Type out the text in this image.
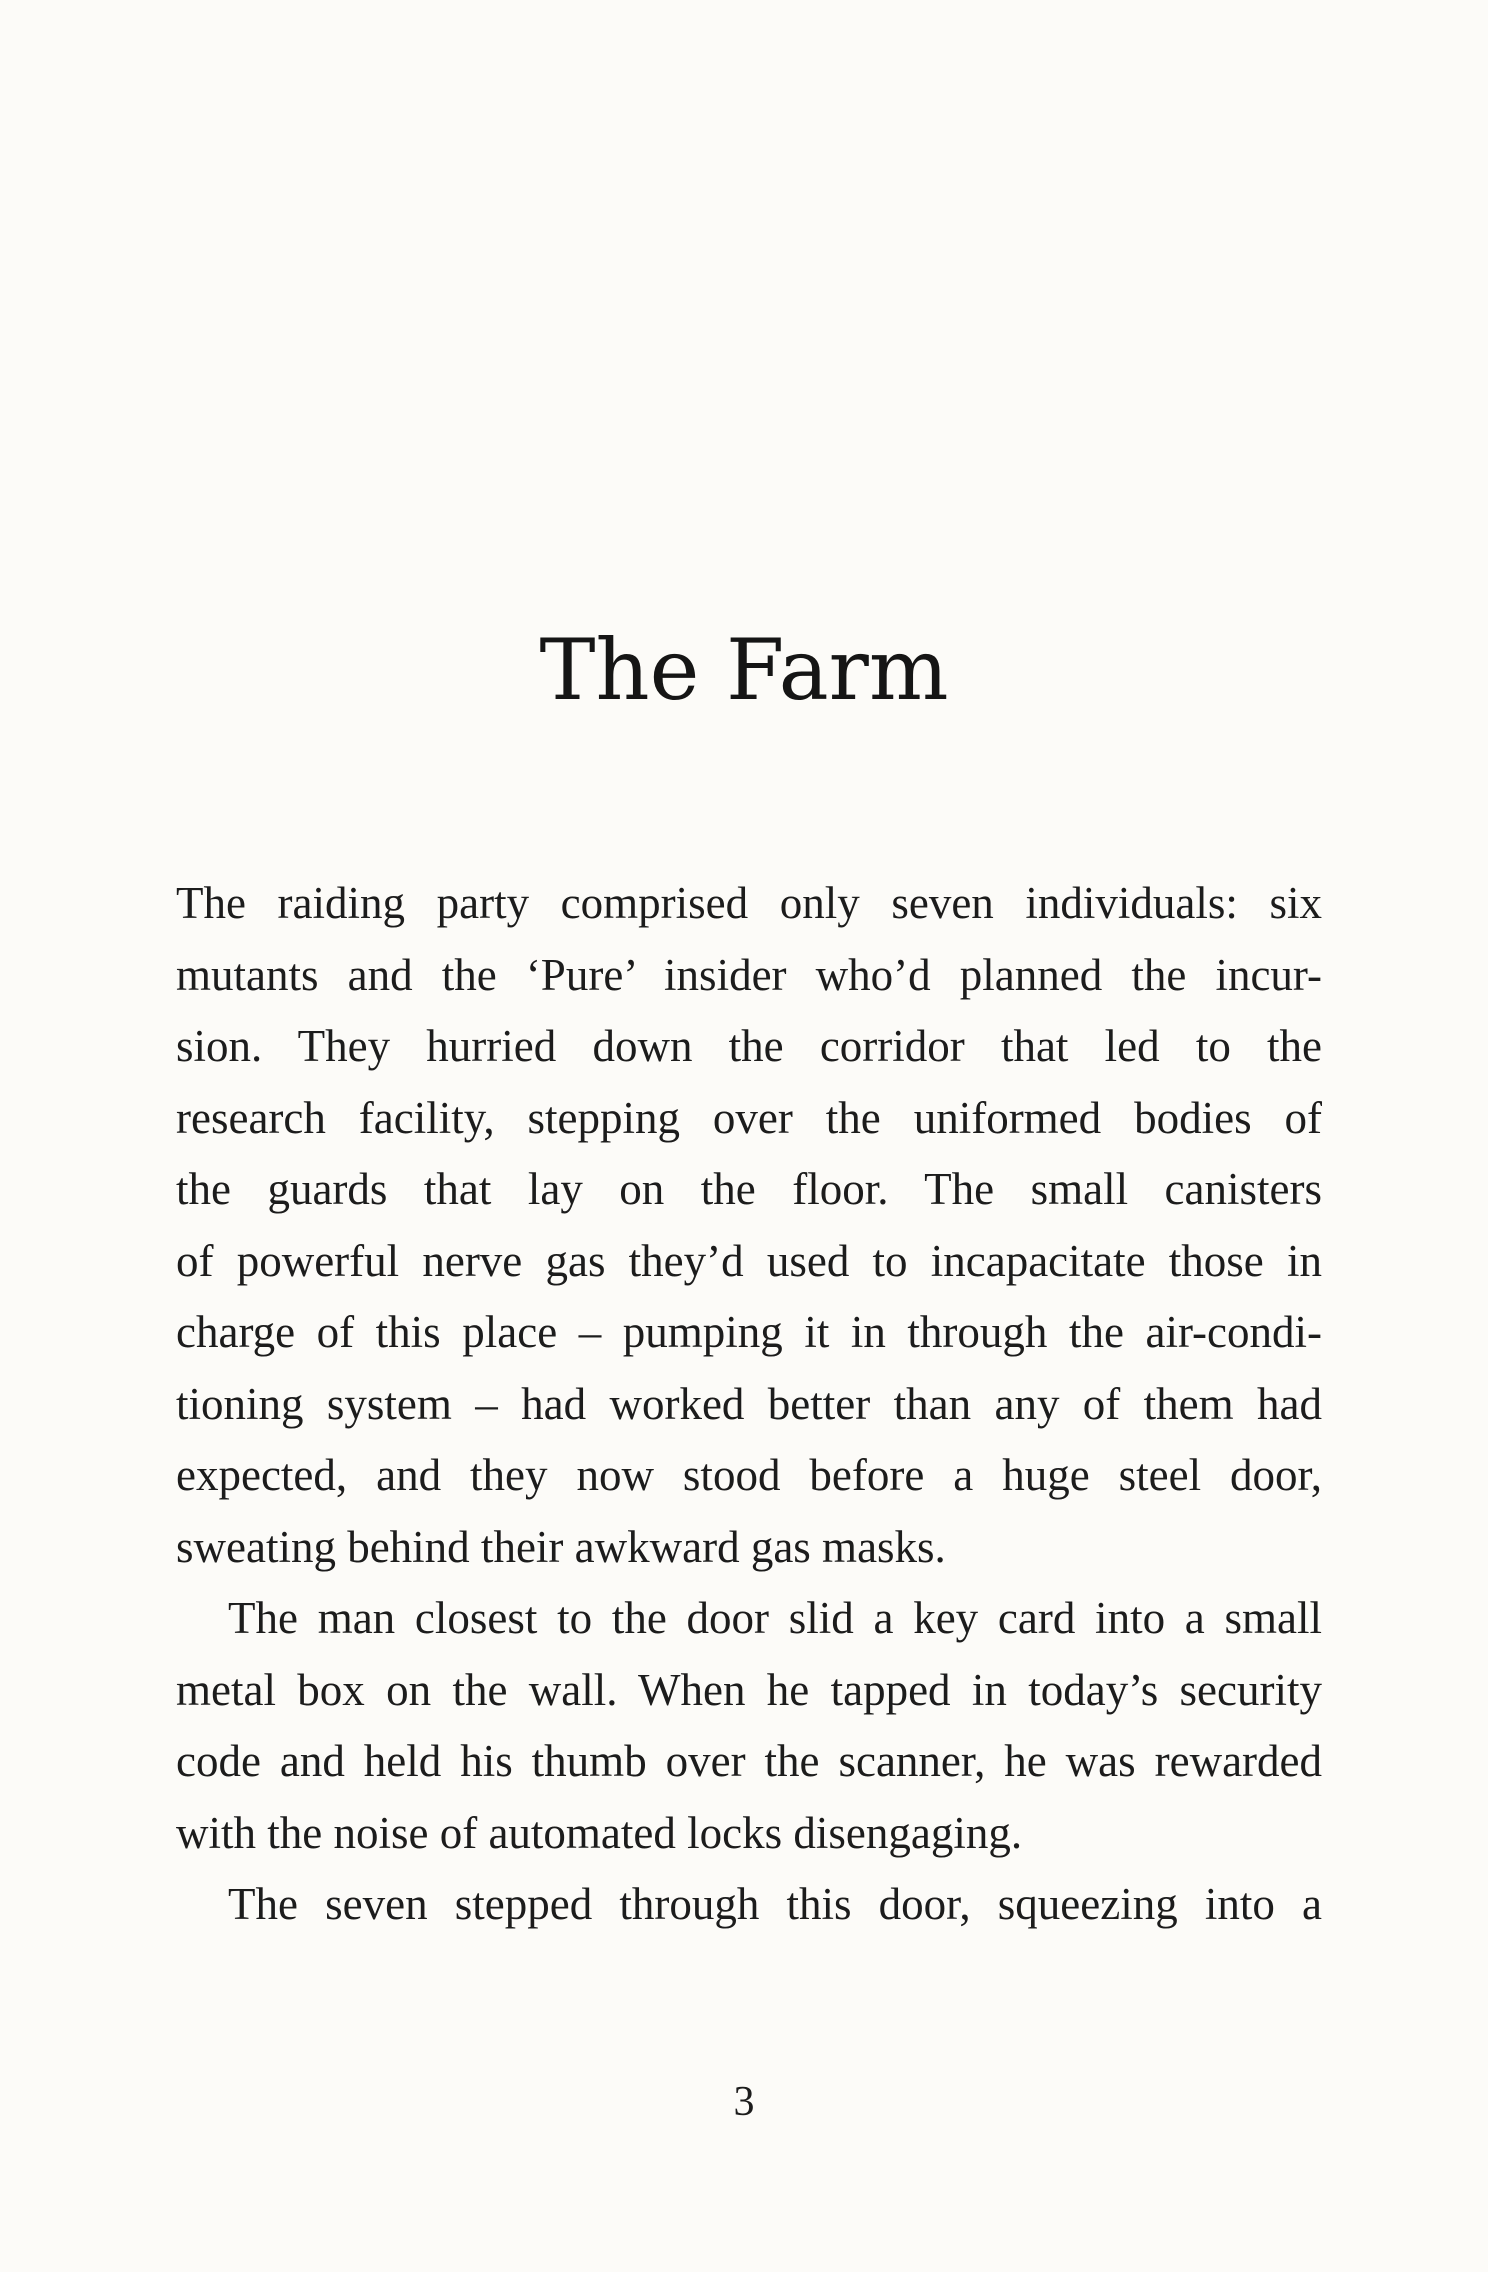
The Farm
The raiding party comprised only seven individuals: six
mutants and the ‘Pure’ insider who’d planned the incur-
sion. They hurried down the corridor that led to the
research facility, stepping over the uniformed bodies of
the guards that lay on the floor. The small canisters
of powerful nerve gas they’d used to incapacitate those in
charge of this place – pumping it in through the air-condi-
tioning system – had worked better than any of them had
expected, and they now stood before a huge steel door,
sweating behind their awkward gas masks.
The man closest to the door slid a key card into a small
metal box on the wall. When he tapped in today’s security
code and held his thumb over the scanner, he was rewarded
with the noise of automated locks disengaging.
The seven stepped through this door, squeezing into a
3
